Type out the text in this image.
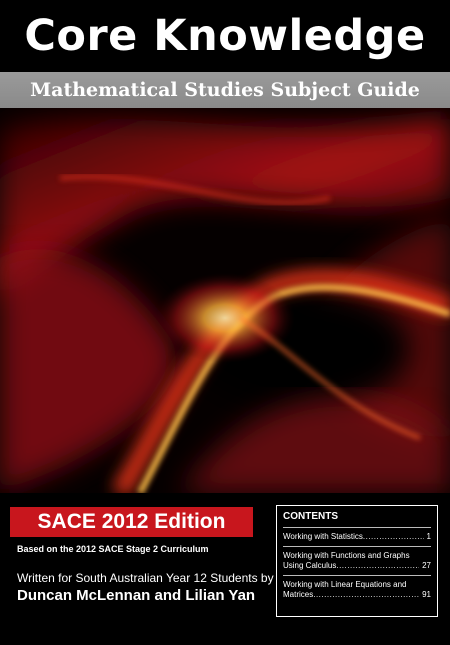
Core Knowledge
Mathematical Studies Subject Guide
SACE 2012 Edition
Based on the 2012 SACE Stage 2 Curriculum
Written for South Australian Year 12 Students by
Duncan McLennan and Lilian Yan
CONTENTS
Working with Statistics .....	1
Working with Functions and Graphs
Using Calculus .....	27
Working with Linear Equations and
Matrices .....	91
